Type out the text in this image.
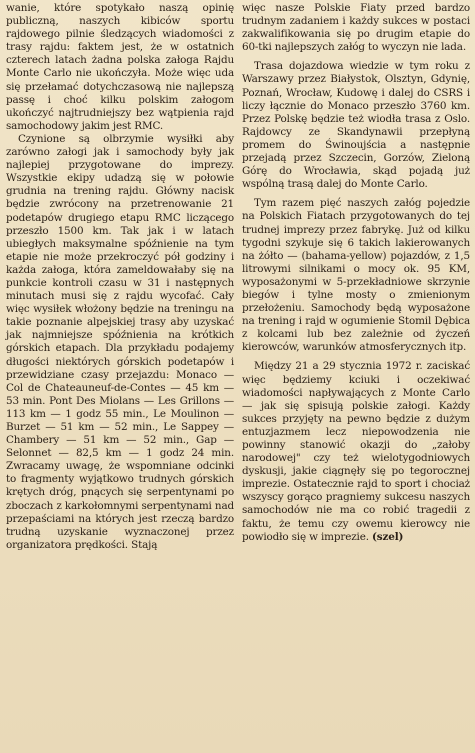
wanie, które spotykało naszą opinię publiczną, naszych kibiców sportu rajdowego pilnie śledzących wiadomości z trasy rajdu: faktem jest, że w ostatnich czterech latach żadna polska załoga Rajdu Monte Carlo nie ukończyła. Może więc uda się przełamać dotychczasową nie najlepszą passę i choć kilku polskim załogom ukończyć najtrudniejszy bez wątpienia rajd samochodowy jakim jest RMC.

Czynione są olbrzymie wysiłki aby zarówno załogi jak i samochody były jak najlepiej przygotowane do imprezy. Wszystkie ekipy udadzą się w połowie grudnia na trening rajdu. Główny nacisk będzie zwrócony na przetrenowanie 21 podetapów drugiego etapu RMC liczącego przeszło 1500 km. Tak jak i w latach ubiegłych maksymalne spóźnienie na tym etapie nie może przekroczyć pół godziny i każda załoga, która zameldowałaby się na punkcie kontroli czasu w 31 i następnych minutach musi się z rajdu wycofać. Cały więc wysiłek włożony będzie na treningu na takie poznanie alpejskiej trasy aby uzyskać jak najmniejsze spóźnienia na krótkich górskich etapach. Dla przykładu podajemy długości niektórych górskich podetapów i przewidziane czasy przejazdu: Monaco — Col de Chateauneuf-de-Contes — 45 km — 53 min. Pont Des Miolans — Les Grillons — 113 km — 1 godz 55 min., Le Moulinon — Burzet — 51 km — 52 min., Le Sappey — Chambery — 51 km — 52 min., Gap — Selonnet — 82,5 km — 1 godz 24 min. Zwracamy uwagę, że wspomniane odcinki to fragmenty wyjątkowo trudnych górskich krętych dróg, pnących się serpentynami po zboczach z karkołomnymi serpentynami nad przepaściami na których jest rzeczą bardzo trudną uzyskanie wyznaczonej przez organizatora prędkości. Stają

więc nasze Polskie Fiaty przed bardzo trudnym zadaniem i każdy sukces w postaci zakwalifikowania się po drugim etapie do 60-tki najlepszych załóg to wyczyn nie lada.

Trasa dojazdowa wiedzie w tym roku z Warszawy przez Białystok, Olsztyn, Gdynię, Poznań, Wrocław, Kudowę i dalej do CSRS i liczy łącznie do Monaco przeszło 3760 km. Przez Polskę będzie też wiodła trasa z Oslo. Rajdowcy ze Skandynawii przepłyną promem do Świnoujścia a następnie przejadą przez Szczecin, Gorzów, Zieloną Górę do Wrocławia, skąd pojadą już wspólną trasą dalej do Monte Carlo.

Tym razem pięć naszych załóg pojedzie na Polskich Fiatach przygotowanych do tej trudnej imprezy przez fabrykę. Już od kilku tygodni szykuje się 6 takich lakierowanych na żółto — (bahama-yellow) pojazdów, z 1,5 litrowymi silnikami o mocy ok. 95 KM, wyposażonymi w 5-przekładniowe skrzynie biegów i tylne mosty o zmienionym przełożeniu. Samochody będą wyposażone na trening i rajd w ogumienie Stomil Dębica z kolcami lub bez zależnie od życzeń kierowców, warunków atmosferycznych itp.

Między 21 a 29 stycznia 1972 r. zaciskać więc będziemy kciuki i oczekiwać wiadomości napływających z Monte Carlo — jak się spisują polskie załogi. Każdy sukces przyjęty na pewno będzie z dużym entuzjazmem lecz niepowodzenia nie powinny stanowić okazji do „załoby narodowej" czy też wielotygodniowych dyskusji, jakie ciągnęły się po tegorocznej imprezie. Ostatecznie rajd to sport i chociaż wszyscy gorąco pragniemy sukcesu naszych samochodów nie ma co robić tragedii z faktu, że temu czy owemu kierowcy nie powiodło się w imprezie. (szel)
